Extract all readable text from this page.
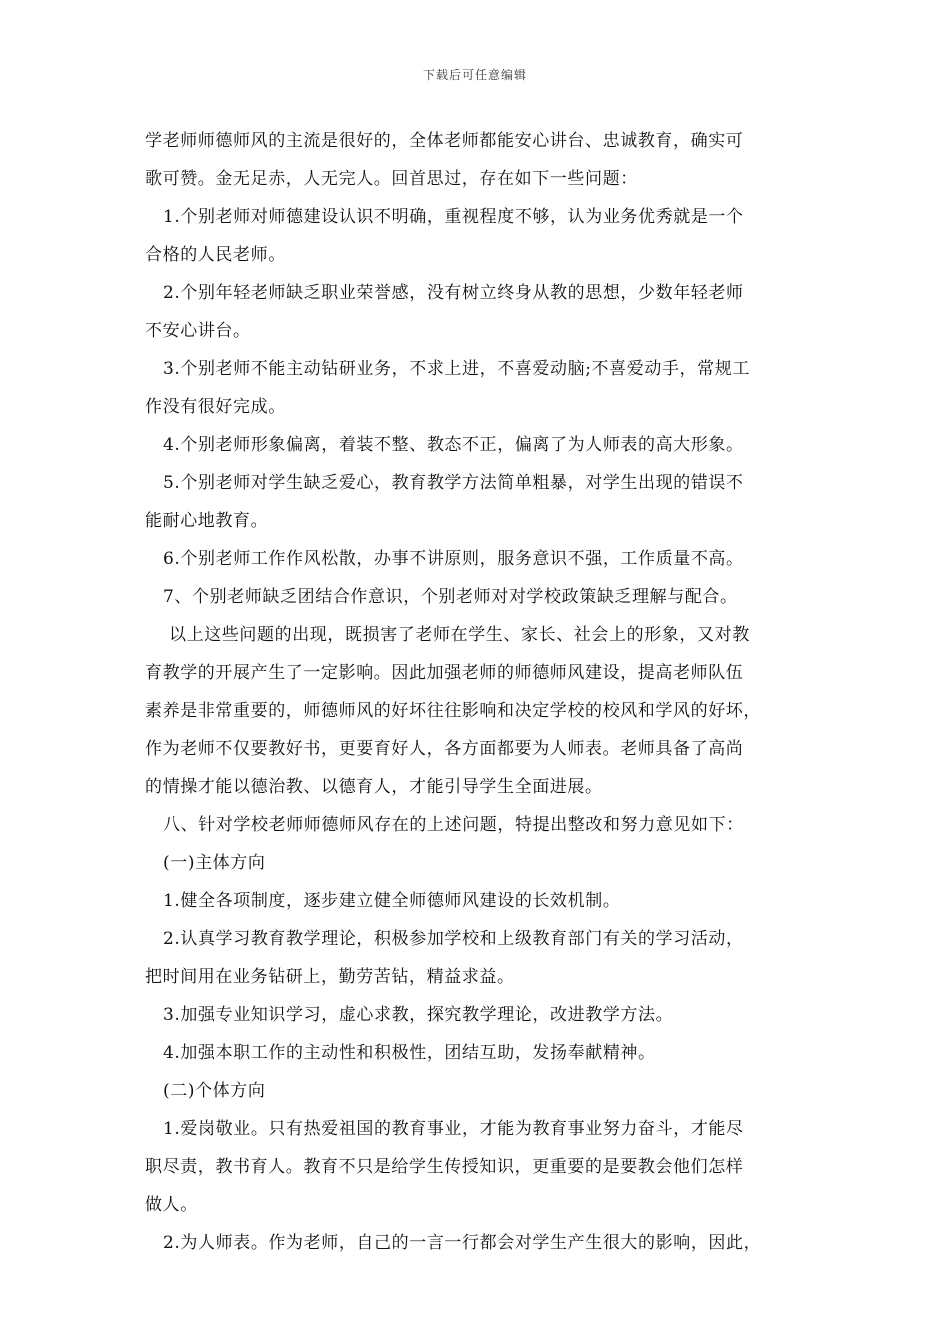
下载后可任意编辑
学老师师德师风的主流是很好的，全体老师都能安心讲台、忠诚教育，确实可
歌可赞。金无足赤，人无完人。回首思过，存在如下一些问题：
1.个别老师对师德建设认识不明确，重视程度不够，认为业务优秀就是一个
合格的人民老师。
2.个别年轻老师缺乏职业荣誉感，没有树立终身从教的思想，少数年轻老师
不安心讲台。
3.个别老师不能主动钻研业务，不求上进，不喜爱动脑;不喜爱动手，常规工
作没有很好完成。
4.个别老师形象偏离，着装不整、教态不正，偏离了为人师表的高大形象。
5.个别老师对学生缺乏爱心，教育教学方法简单粗暴，对学生出现的错误不
能耐心地教育。
6.个别老师工作作风松散，办事不讲原则，服务意识不强，工作质量不高。
7、个别老师缺乏团结合作意识，个别老师对对学校政策缺乏理解与配合。
以上这些问题的出现，既损害了老师在学生、家长、社会上的形象，又对教
育教学的开展产生了一定影响。因此加强老师的师德师风建设，提高老师队伍
素养是非常重要的，师德师风的好坏往往影响和决定学校的校风和学风的好坏，
作为老师不仅要教好书，更要育好人，各方面都要为人师表。老师具备了高尚
的情操才能以德治教、以德育人，才能引导学生全面进展。
八、针对学校老师师德师风存在的上述问题，特提出整改和努力意见如下：
(一)主体方向
1.健全各项制度，逐步建立健全师德师风建设的长效机制。
2.认真学习教育教学理论，积极参加学校和上级教育部门有关的学习活动，
把时间用在业务钻研上，勤劳苦钻，精益求益。
3.加强专业知识学习，虚心求教，探究教学理论，改进教学方法。
4.加强本职工作的主动性和积极性，团结互助，发扬奉献精神。
(二)个体方向
1.爱岗敬业。只有热爱祖国的教育事业，才能为教育事业努力奋斗，才能尽
职尽责，教书育人。教育不只是给学生传授知识，更重要的是要教会他们怎样
做人。
2.为人师表。作为老师，自己的一言一行都会对学生产生很大的影响，因此，
